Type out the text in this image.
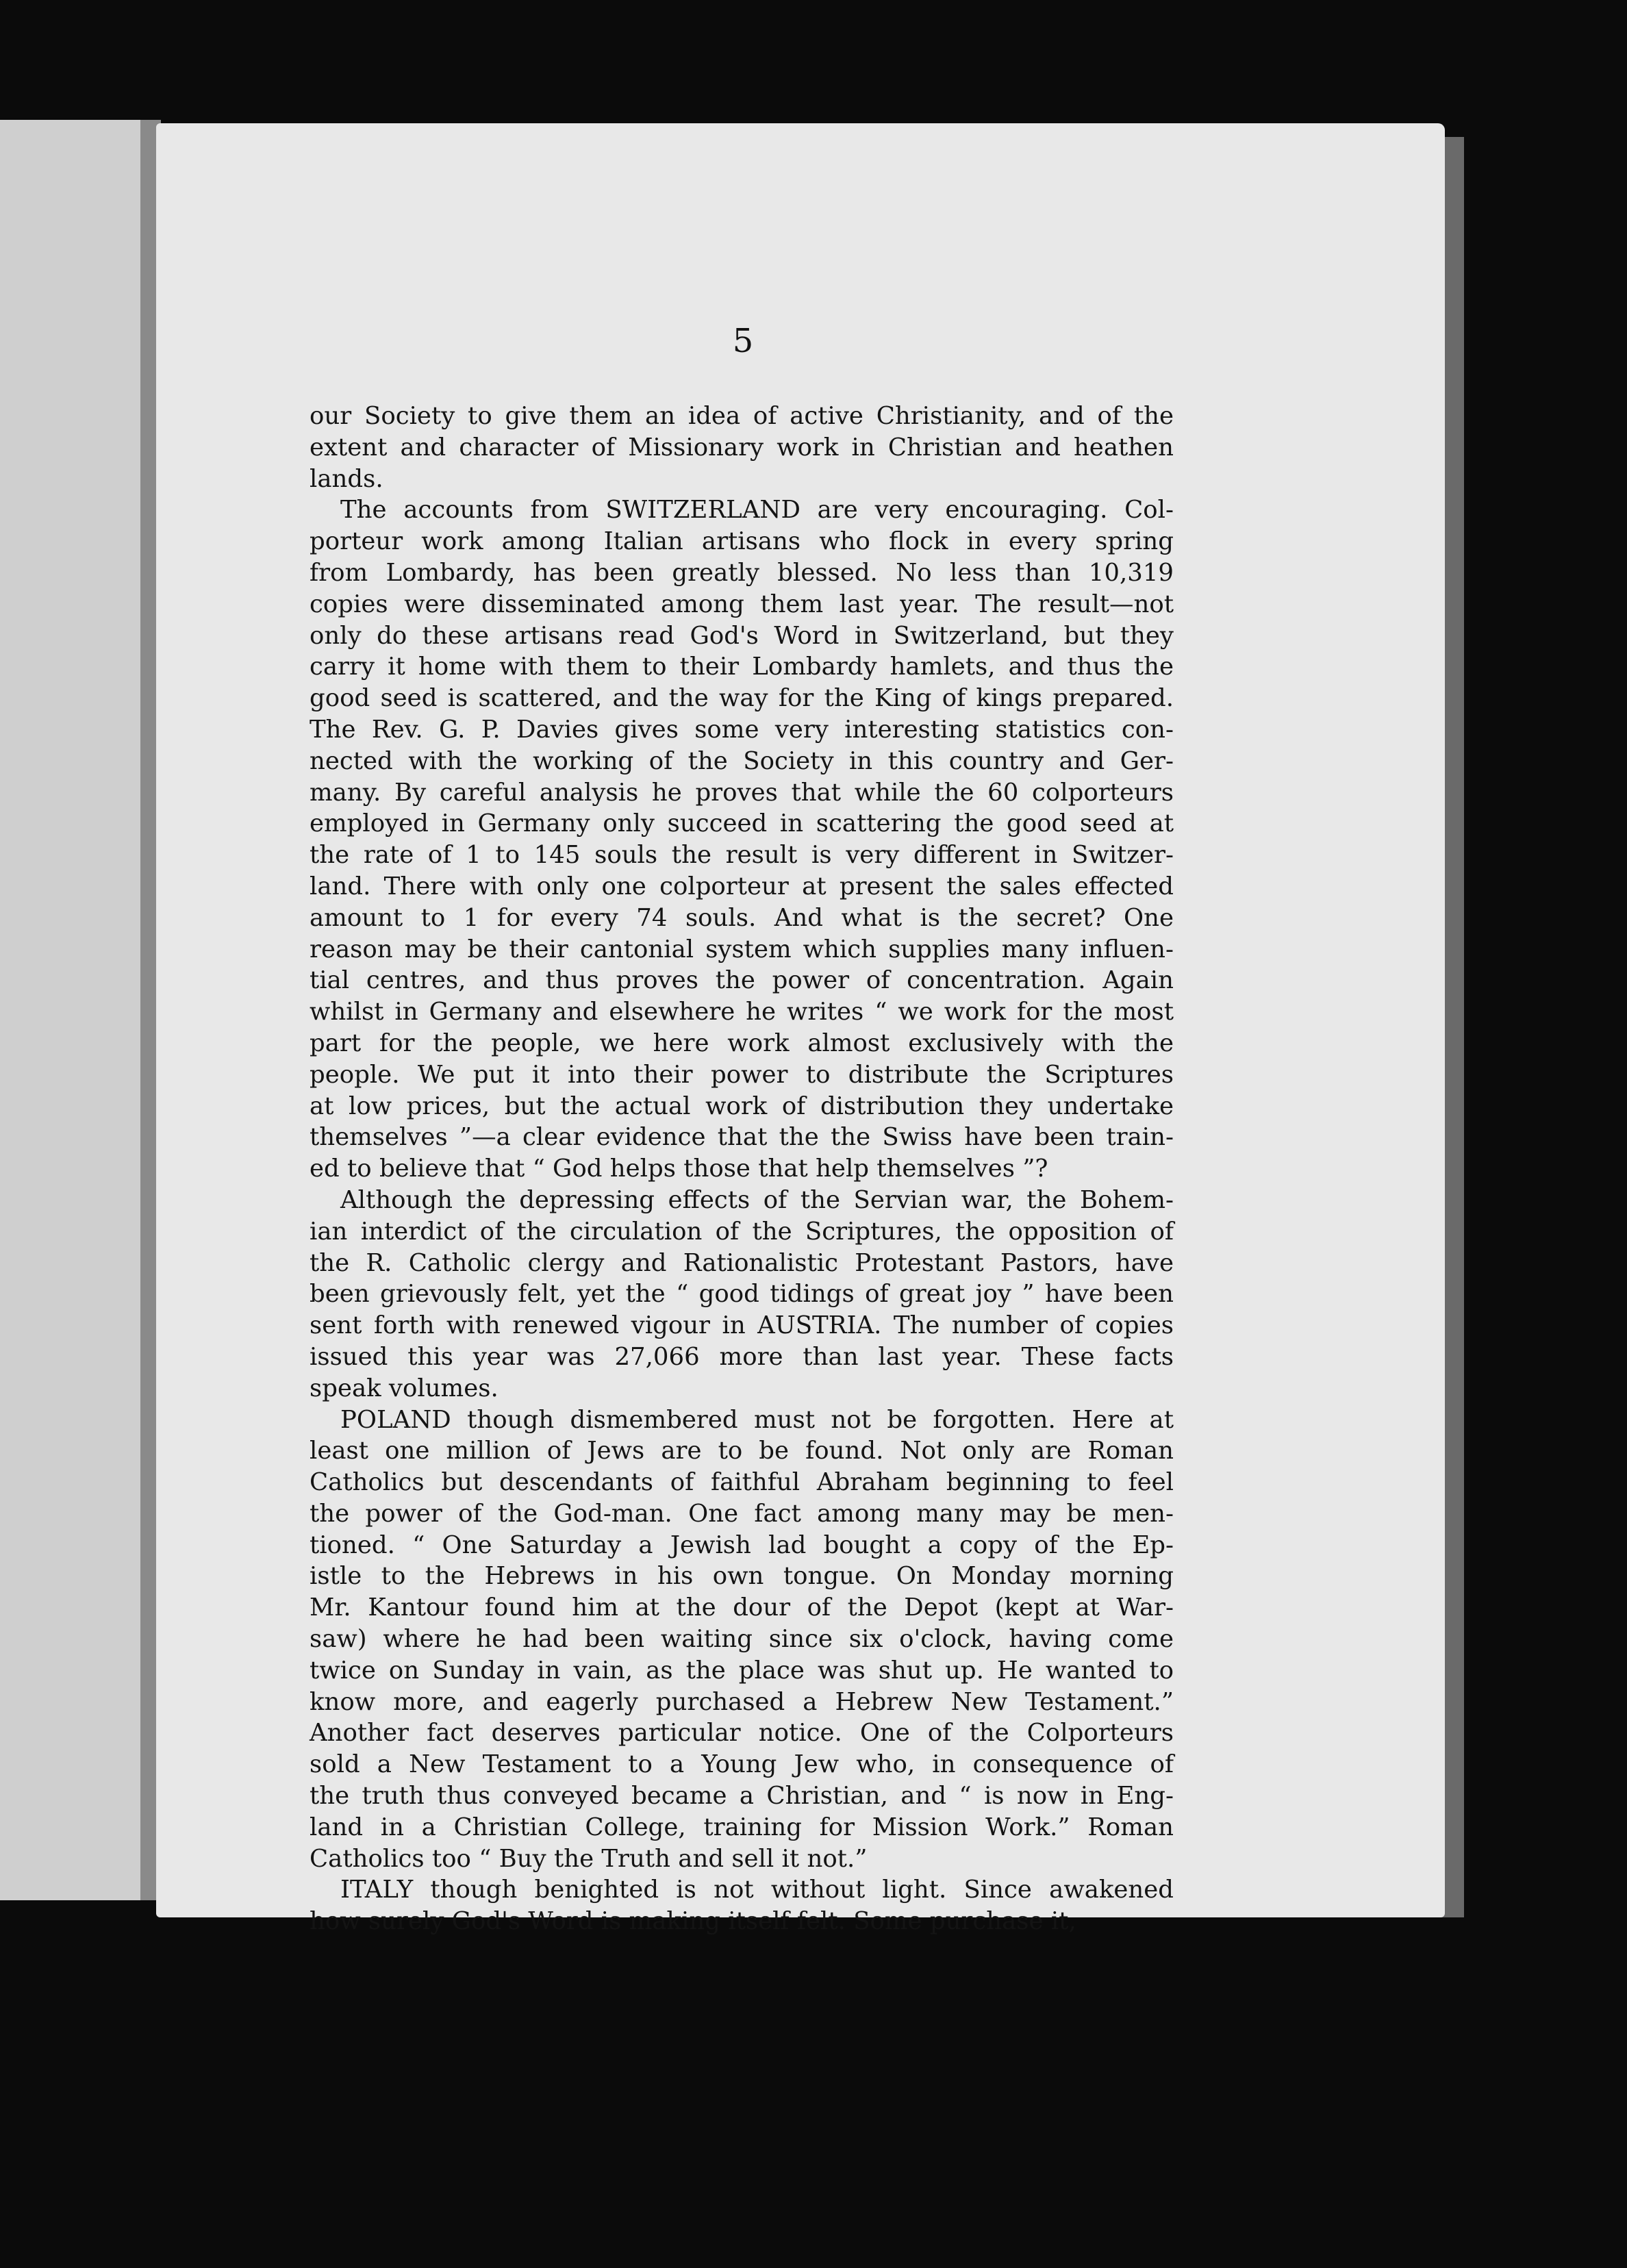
5
our Society to give them an idea of active Christianity, and of the
extent and character of Missionary work in Christian and heathen
lands.
The accounts from SWITZERLAND are very encouraging. Col-
porteur work among Italian artisans who flock in every spring
from Lombardy, has been greatly blessed. No less than 10,319
copies were disseminated among them last year. The result—not
only do these artisans read God's Word in Switzerland, but they
carry it home with them to their Lombardy hamlets, and thus the
good seed is scattered, and the way for the King of kings prepared.
The Rev. G. P. Davies gives some very interesting statistics con-
nected with the working of the Society in this country and Ger-
many. By careful analysis he proves that while the 60 colporteurs
employed in Germany only succeed in scattering the good seed at
the rate of 1 to 145 souls the result is very different in Switzer-
land. There with only one colporteur at present the sales effected
amount to 1 for every 74 souls. And what is the secret? One
reason may be their cantonial system which supplies many influen-
tial centres, and thus proves the power of concentration. Again
whilst in Germany and elsewhere he writes “ we work for the most
part for the people, we here work almost exclusively with the
people. We put it into their power to distribute the Scriptures
at low prices, but the actual work of distribution they undertake
themselves ”—a clear evidence that the the Swiss have been train-
ed to believe that “ God helps those that help themselves ”?
Although the depressing effects of the Servian war, the Bohem-
ian interdict of the circulation of the Scriptures, the opposition of
the R. Catholic clergy and Rationalistic Protestant Pastors, have
been grievously felt, yet the “ good tidings of great joy ” have been
sent forth with renewed vigour in AUSTRIA. The number of copies
issued this year was 27,066 more than last year. These facts
speak volumes.
POLAND though dismembered must not be forgotten. Here at
least one million of Jews are to be found. Not only are Roman
Catholics but descendants of faithful Abraham beginning to feel
the power of the God-man. One fact among many may be men-
tioned. “ One Saturday a Jewish lad bought a copy of the Ep-
istle to the Hebrews in his own tongue. On Monday morning
Mr. Kantour found him at the dour of the Depot (kept at War-
saw) where he had been waiting since six o'clock, having come
twice on Sunday in vain, as the place was shut up. He wanted to
know more, and eagerly purchased a Hebrew New Testament.”
Another fact deserves particular notice. One of the Colporteurs
sold a New Testament to a Young Jew who, in consequence of
the truth thus conveyed became a Christian, and “ is now in Eng-
land in a Christian College, training for Mission Work.” Roman
Catholics too “ Buy the Truth and sell it not.”
ITALY though benighted is not without light. Since awakened
how surely God's Word is making itself felt. Some purchase it,
